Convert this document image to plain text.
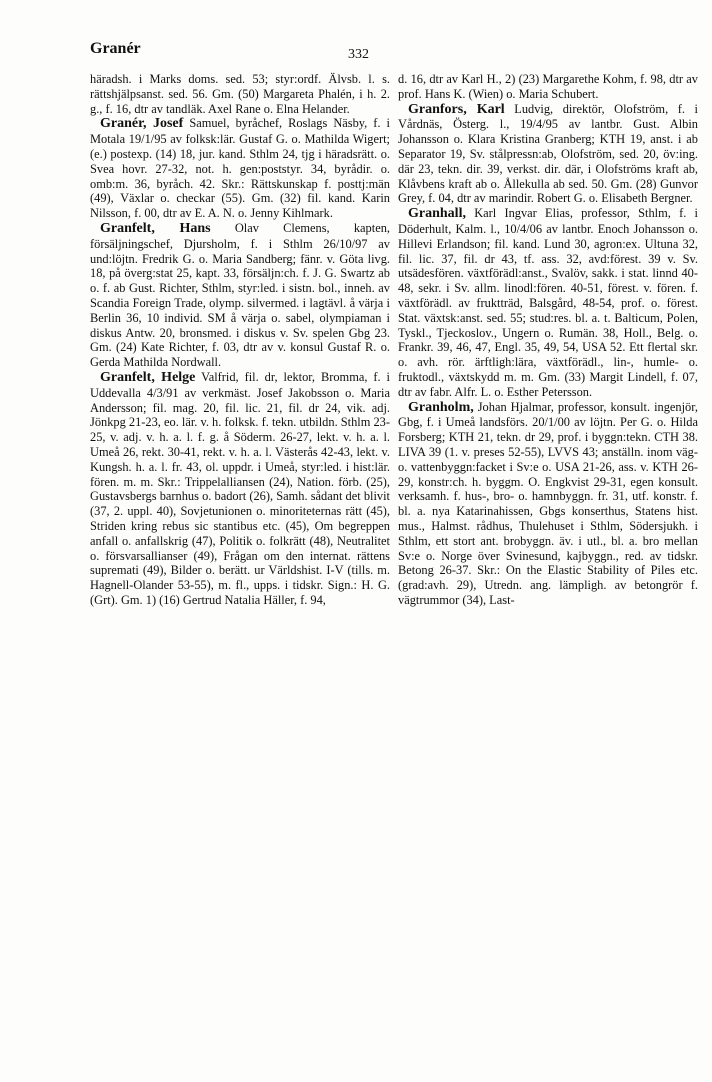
Granér	332

häradsh. i Marks doms. sed. 53; styr:ordf. Älvsb. l. s. rättshjälpsanst. sed. 56. Gm. (50) Margareta Phalén, i h. 2. g., f. 16, dtr av tandläk. Axel Rane o. Elna Helander.

Granér, Josef Samuel, byråchef, Roslags Näsby, f. i Motala 19/1/95 av folksk:lär. Gustaf G. o. Mathilda Wigert; (e.) postexp. (14) 18, jur. kand. Sthlm 24, tjg i häradsrätt. o. Svea hovr. 27-32, not. h. gen:poststyr. 34, byrådir. o. omb:m. 36, byråch. 42. Skr.: Rättskunskap f. posttj:män (49), Växlar o. checkar (55). Gm. (32) fil. kand. Karin Nilsson, f. 00, dtr av E. A. N. o. Jenny Kihlmark.

Granfelt, Hans Olav Clemens, kapten, försäljningschef, Djursholm, f. i Sthlm 26/10/97 av und:löjtn. Fredrik G. o. Maria Sandberg; fänr. v. Göta livg. 18, på överg:stat 25, kapt. 33, försäljn:ch. f. J. G. Swartz ab o. f. ab Gust. Richter, Sthlm, styr:led. i sistn. bol., inneh. av Scandia Foreign Trade, olymp. silvermed. i lagtävl. å värja i Berlin 36, 10 individ. SM å värja o. sabel, olympiaman i diskus Antw. 20, bronsmed. i diskus v. Sv. spelen Gbg 23. Gm. (24) Kate Richter, f. 03, dtr av v. konsul Gustaf R. o. Gerda Mathilda Nordwall.

Granfelt, Helge Valfrid, fil. dr, lektor, Bromma, f. i Uddevalla 4/3/91 av verkmäst. Josef Jakobsson o. Maria Andersson; fil. mag. 20, fil. lic. 21, fil. dr 24, vik. adj. Jönkpg 21-23, eo. lär. v. h. folksk. f. tekn. utbildn. Sthlm 23-25, v. adj. v. h. a. l. f. g. å Söderm. 26-27, lekt. v. h. a. l. Umeå 26, rekt. 30-41, rekt. v. h. a. l. Västerås 42-43, lekt. v. Kungsh. h. a. l. fr. 43, ol. uppdr. i Umeå, styr:led. i hist:lär. fören. m. m. Skr.: Trippelalliansen (24), Nation. förb. (25), Gustavsbergs barnhus o. badort (26), Samh. sådant det blivit (37, 2. uppl. 40), Sovjetunionen o. minoriteternas rätt (45), Striden kring rebus sic stantibus etc. (45), Om begreppen anfall o. anfallskrig (47), Politik o. folkrätt (48), Neutralitet o. försvarsallianser (49), Frågan om den internat. rättens supremati (49), Bilder o. berätt. ur Världshist. I-V (tills. m. Hagnell-Olander 53-55), m. fl., upps. i tidskr. Sign.: H. G. (Grt). Gm. 1) (16) Gertrud Natalia Häller, f. 94,

d. 16, dtr av Karl H., 2) (23) Margarethe Kohm, f. 98, dtr av prof. Hans K. (Wien) o. Maria Schubert.

Granfors, Karl Ludvig, direktör, Olofström, f. i Vårdnäs, Österg. l., 19/4/95 av lantbr. Gust. Albin Johansson o. Klara Kristina Granberg; KTH 19, anst. i ab Separator 19, Sv. stålpressn:ab, Olofström, sed. 20, öv:ing. där 23, tekn. dir. 39, verkst. dir. där, i Olofströms kraft ab, Klåvbens kraft ab o. Ållekulla ab sed. 50. Gm. (28) Gunvor Grey, f. 04, dtr av marindir. Robert G. o. Elisabeth Bergner.

Granhall, Karl Ingvar Elias, professor, Sthlm, f. i Döderhult, Kalm. l., 10/4/06 av lantbr. Enoch Johansson o. Hillevi Erlandson; fil. kand. Lund 30, agron:ex. Ultuna 32, fil. lic. 37, fil. dr 43, tf. ass. 32, avd:förest. 39 v. Sv. utsädesfören. växtförädl:anst., Svalöv, sakk. i stat. linnd 40-48, sekr. i Sv. allm. linodl:fören. 40-51, förest. v. fören. f. växtförädl. av fruktträd, Balsgård, 48-54, prof. o. förest. Stat. växtsk:anst. sed. 55; stud:res. bl. a. t. Balticum, Polen, Tyskl., Tjeckoslov., Ungern o. Rumän. 38, Holl., Belg. o. Frankr. 39, 46, 47, Engl. 35, 49, 54, USA 52. Ett flertal skr. o. avh. rör. ärftligh:lära, växtförädl., lin-, humle- o. fruktodl., växtskydd m. m. Gm. (33) Margit Lindell, f. 07, dtr av fabr. Alfr. L. o. Esther Petersson.

Granholm, Johan Hjalmar, professor, konsult. ingenjör, Gbg, f. i Umeå landsförs. 20/1/00 av löjtn. Per G. o. Hilda Forsberg; KTH 21, tekn. dr 29, prof. i byggn:tekn. CTH 38. LIVA 39 (1. v. preses 52-55), LVVS 43; anställn. inom väg- o. vattenbyggn:facket i Sv:e o. USA 21-26, ass. v. KTH 26-29, konstr:ch. h. byggm. O. Engkvist 29-31, egen konsult. verksamh. f. hus-, bro- o. hamnbyggn. fr. 31, utf. konstr. f. bl. a. nya Katarinahissen, Gbgs konserthus, Statens hist. mus., Halmst. rådhus, Thulehuset i Sthlm, Södersjukh. i Sthlm, ett stort ant. brobyggn. äv. i utl., bl. a. bro mellan Sv:e o. Norge över Svinesund, kajbyggn., red. av tidskr. Betong 26-37. Skr.: On the Elastic Stability of Piles etc. (grad:avh. 29), Utredn. ang. lämpligh. av betongrör f. vägtrummor (34), Last-
